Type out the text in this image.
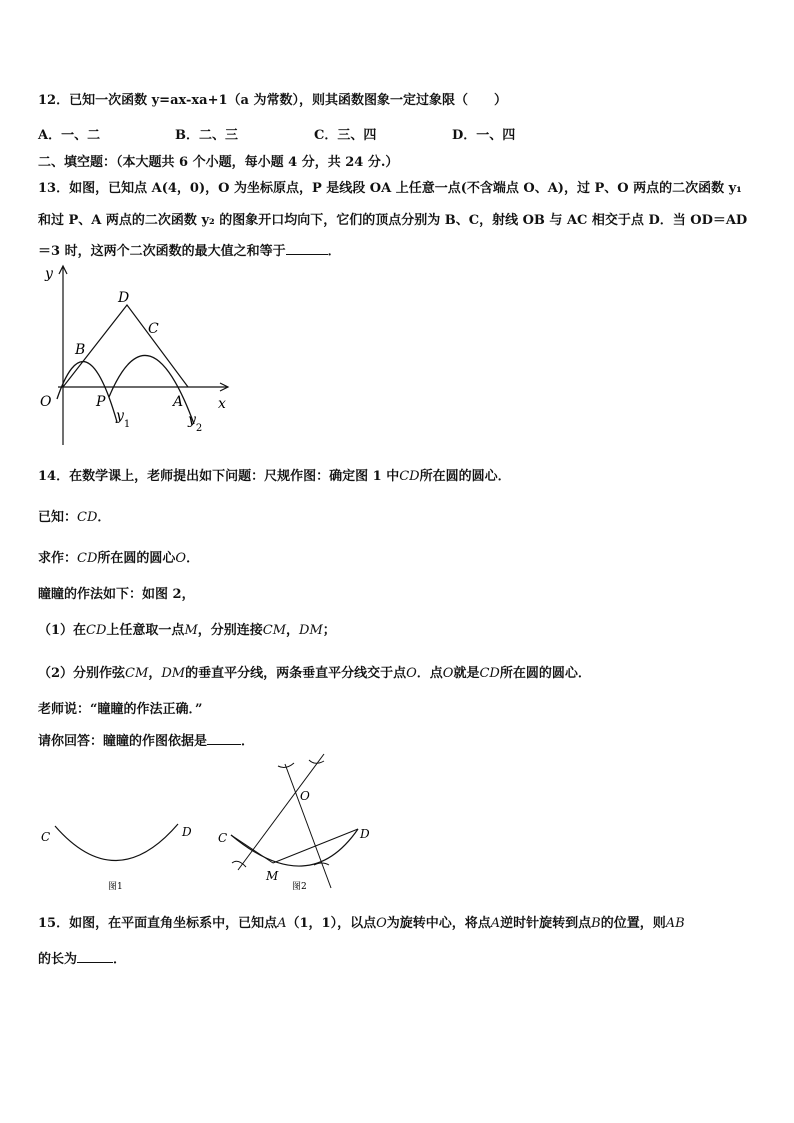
12．已知一次函数 y=ax-xa+1（a 为常数），则其函数图象一定过象限（　　）
A．一、二	B．二、三	C．三、四	D．一、四
二、填空题：（本大题共 6 个小题，每小题 4 分，共 24 分.）
13．如图，已知点 A(4，0)，O 为坐标原点，P 是线段 OA 上任意一点(不含端点 O、A)，过 P、O 两点的二次函数 y₁
和过 P、A 两点的二次函数 y₂ 的图象开口均向下，它们的顶点分别为 B、C，射线 OB 与 AC 相交于点 D．当 OD＝AD
＝3 时，这两个二次函数的最大值之和等于	．
y
x
O
D
B
C
P	A
$y_1$	$y_2$
14．在数学课上，老师提出如下问题：尺规作图：确定图 1 中CD所在圆的圆心．
已知：CD．
求作：CD所在圆的圆心O．
瞳瞳的作法如下：如图 2，
（1）在CD上任意取一点M，分别连接CM，DM；
（2）分别作弦CM，DM的垂直平分线，两条垂直平分线交于点O．点O就是CD所在圆的圆心．
老师说：“瞳瞳的作法正确．”
请你回答：瞳瞳的作图依据是	．
C	D
图1
C	D
M
O
图2
15．如图，在平面直角坐标系中，已知点A（1，1），以点O为旋转中心，将点A逆时针旋转到点B的位置，则AB
的长为	．
